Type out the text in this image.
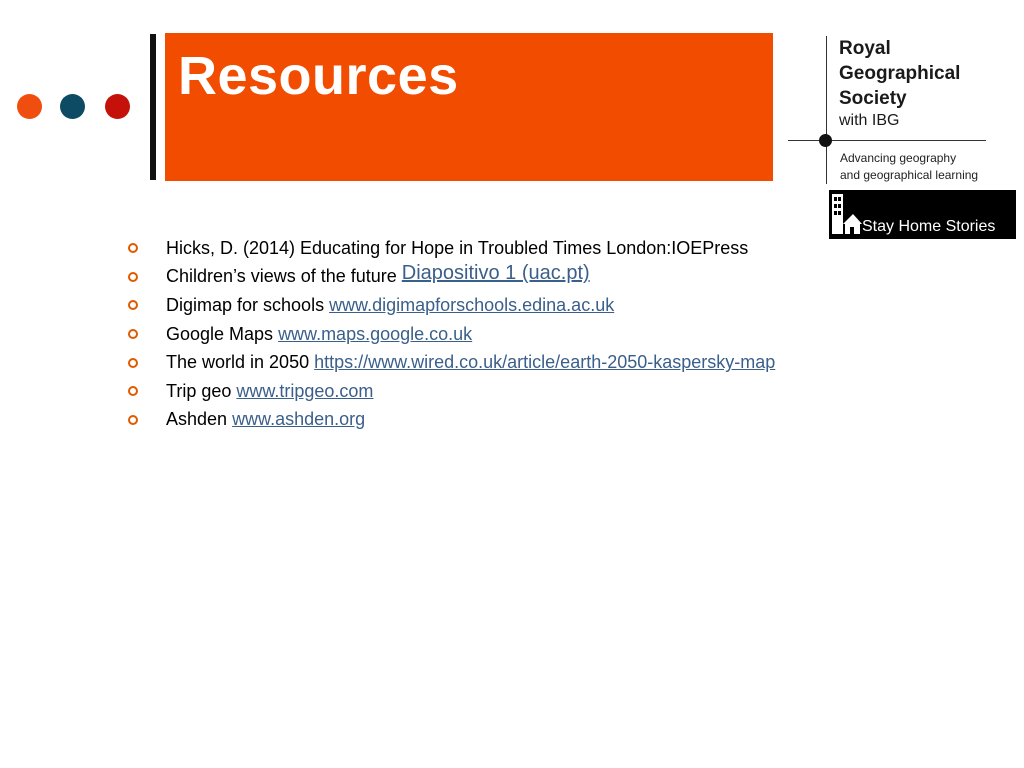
Resources	Royal
Geographical
Society
with IBG
Advancing geography
and geographical learning
Stay Home Stories
Hicks, D. (2014) Educating for Hope in Troubled Times London:IOEPress
Children’s views of the future Diapositivo 1 (uac.pt)
Digimap for schools www.digimapforschools.edina.ac.uk
Google Maps www.maps.google.co.uk
The world in 2050 https://www.wired.co.uk/article/earth-2050-kaspersky-map
Trip geo www.tripgeo.com
Ashden www.ashden.org
